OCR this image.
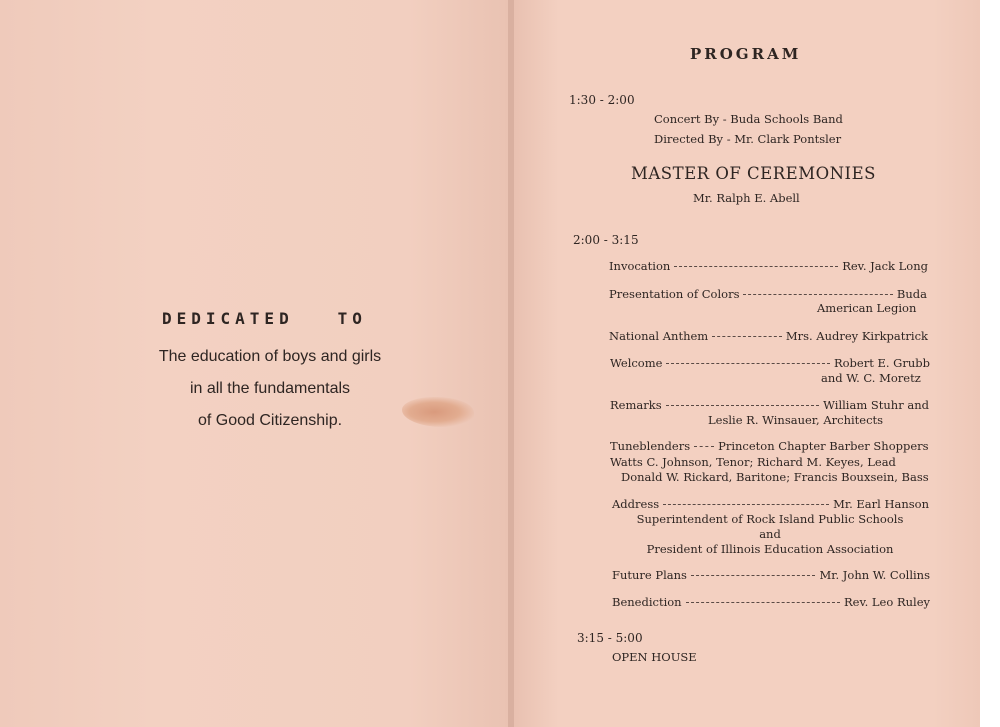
DEDICATED   TO
The education of boys and girls
in all the fundamentals
of Good Citizenship.
PROGRAM
1:30 - 2:00
Concert By - Buda Schools Band
Directed By - Mr. Clark Pontsler
MASTER OF CEREMONIES
Mr. Ralph E. Abell
2:00 - 3:15
Invocation	Rev. Jack Long
Presentation of Colors	Buda
American Legion
National Anthem	Mrs. Audrey Kirkpatrick
Welcome	Robert E. Grubb
and W. C. Moretz
Remarks	William Stuhr and
Leslie R. Winsauer, Architects
Tuneblenders Princeton Chapter Barber Shoppers
Watts C. Johnson, Tenor; Richard M. Keyes, Lead
Donald W. Rickard, Baritone; Francis Bouxsein, Bass
Address	Mr. Earl Hanson
Superintendent of Rock Island Public Schools
and
President of Illinois Education Association
Future Plans	Mr. John W. Collins
Benediction	Rev. Leo Ruley
3:15 - 5:00
OPEN HOUSE
